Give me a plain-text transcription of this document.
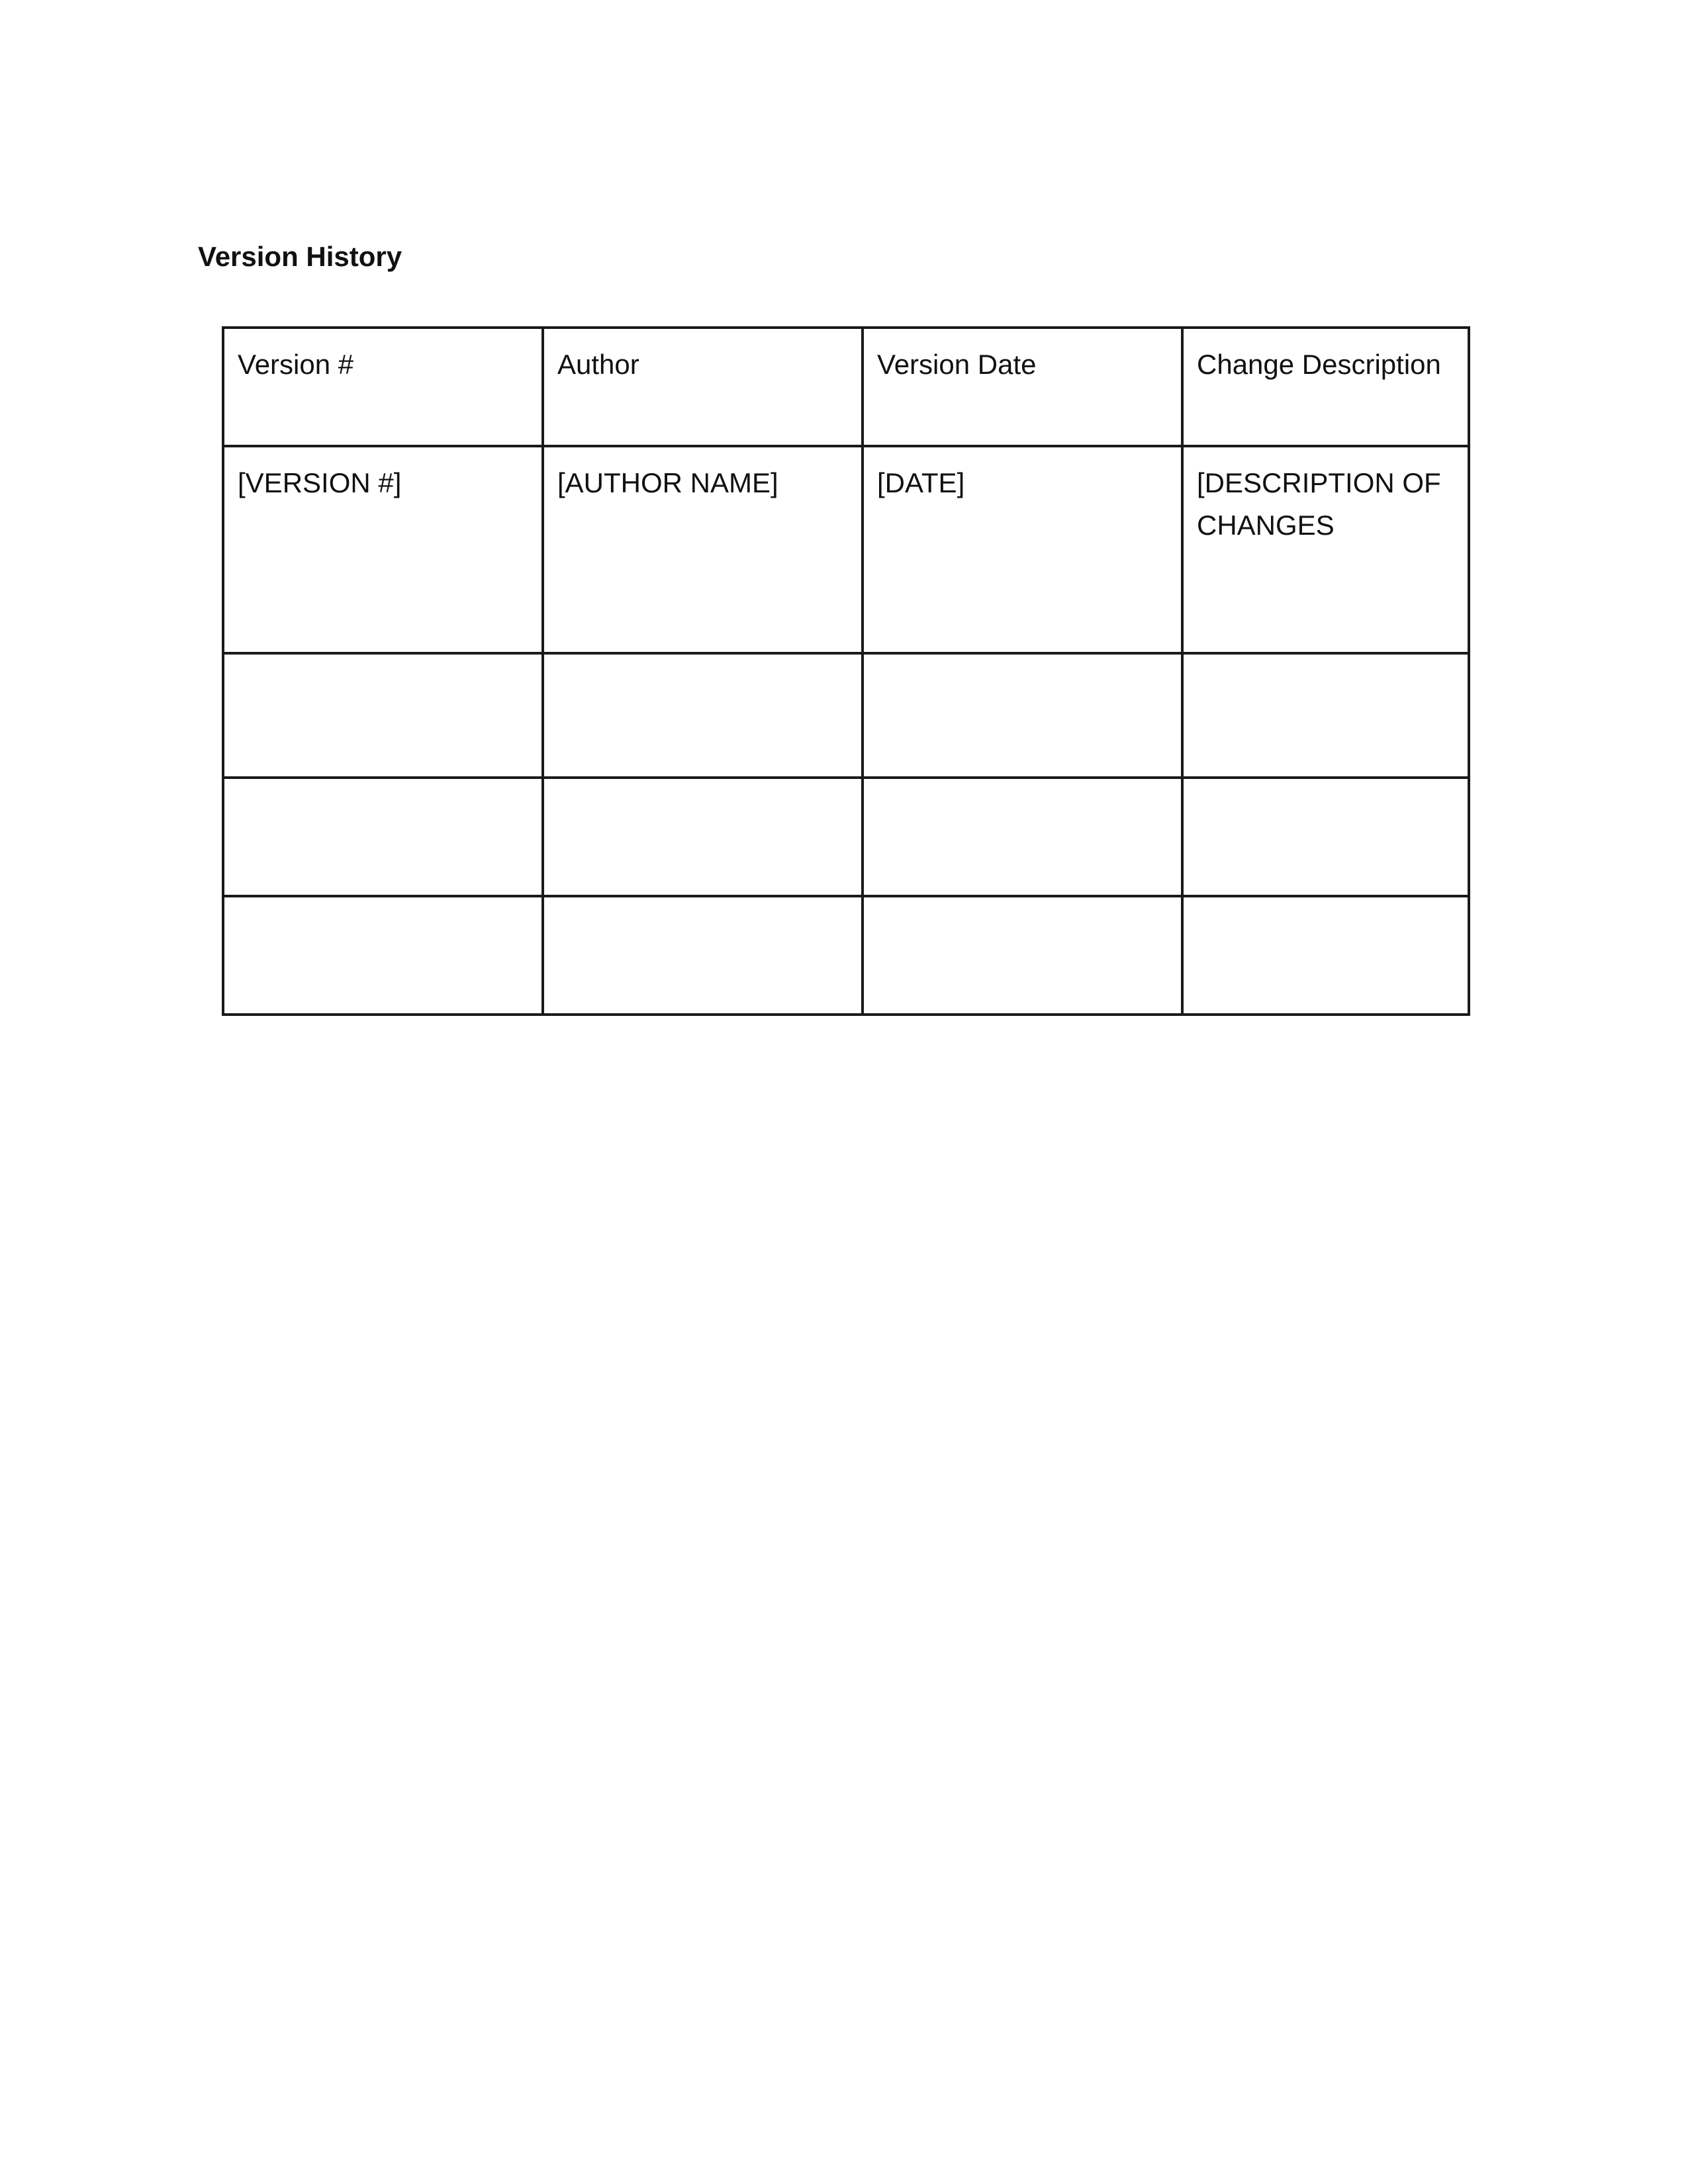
Version History
Version #	Author	Version Date	Change Description
[VERSION #]	[AUTHOR NAME]	[DATE]	[DESCRIPTION OF CHANGES
